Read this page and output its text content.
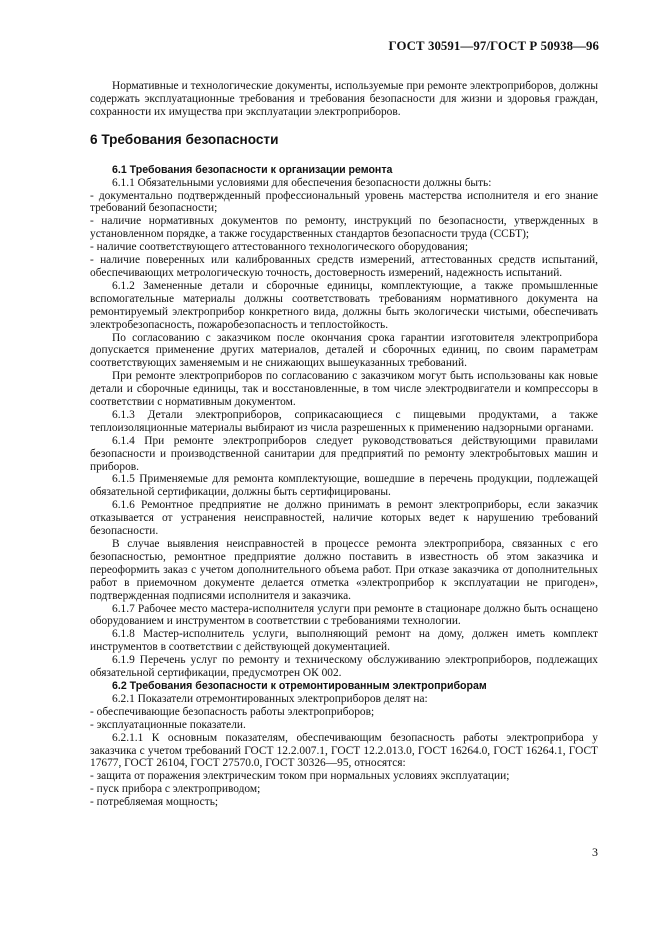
ГОСТ 30591—97/ГОСТ Р 50938—96

Нормативные и технологические документы, используемые при ремонте электроприборов, должны содержать эксплуатационные требования и требования безопасности для жизни и здоровья граждан, сохранности их имущества при эксплуатации электроприборов.

6 Требования безопасности

6.1 Требования безопасности к организации ремонта

6.1.1 Обязательными условиями для обеспечения безопасности должны быть:

- документально подтвержденный профессиональный уровень мастерства исполнителя и его знание требований безопасности;

- наличие нормативных документов по ремонту, инструкций по безопасности, утвержденных в установленном порядке, а также государственных стандартов безопасности труда (ССБТ);

- наличие соответствующего аттестованного технологического оборудования;

- наличие поверенных или калиброванных средств измерений, аттестованных средств испытаний, обеспечивающих метрологическую точность, достоверность измерений, надежность испытаний.

6.1.2 Замененные детали и сборочные единицы, комплектующие, а также промышленные вспомогательные материалы должны соответствовать требованиям нормативного документа на ремонтируемый электроприбор конкретного вида, должны быть экологически чистыми, обеспечивать электробезопасность, пожаробезопасность и теплостойкость.

По согласованию с заказчиком после окончания срока гарантии изготовителя электроприбора допускается применение других материалов, деталей и сборочных единиц, по своим параметрам соответствующих заменяемым и не снижающих вышеуказанных требований.

При ремонте электроприборов по согласованию с заказчиком могут быть использованы как новые детали и сборочные единицы, так и восстановленные, в том числе электродвигатели и компрессоры в соответствии с нормативным документом.

6.1.3 Детали электроприборов, соприкасающиеся с пищевыми продуктами, а также теплоизоляционные материалы выбирают из числа разрешенных к применению надзорными органами.

6.1.4 При ремонте электроприборов следует руководствоваться действующими правилами безопасности и производственной санитарии для предприятий по ремонту электробытовых машин и приборов.

6.1.5 Применяемые для ремонта комплектующие, вошедшие в перечень продукции, подлежащей обязательной сертификации, должны быть сертифицированы.

6.1.6 Ремонтное предприятие не должно принимать в ремонт электроприборы, если заказчик отказывается от устранения неисправностей, наличие которых ведет к нарушению требований безопасности.

В случае выявления неисправностей в процессе ремонта электроприбора, связанных с его безопасностью, ремонтное предприятие должно поставить в известность об этом заказчика и переоформить заказ с учетом дополнительного объема работ. При отказе заказчика от дополнительных работ в приемочном документе делается отметка «электроприбор к эксплуатации не пригоден», подтвержденная подписями исполнителя и заказчика.

6.1.7 Рабочее место мастера-исполнителя услуги при ремонте в стационаре должно быть оснащено оборудованием и инструментом в соответствии с требованиями технологии.

6.1.8 Мастер-исполнитель услуги, выполняющий ремонт на дому, должен иметь комплект инструментов в соответствии с действующей документацией.

6.1.9 Перечень услуг по ремонту и техническому обслуживанию электроприборов, подлежащих обязательной сертификации, предусмотрен ОК 002.

6.2 Требования безопасности к отремонтированным электроприборам

6.2.1 Показатели отремонтированных электроприборов делят на:

- обеспечивающие безопасность работы электроприборов;

- эксплуатационные показатели.

6.2.1.1 К основным показателям, обеспечивающим безопасность работы электроприбора у заказчика с учетом требований ГОСТ 12.2.007.1, ГОСТ 12.2.013.0, ГОСТ 16264.0, ГОСТ 16264.1, ГОСТ 17677, ГОСТ 26104, ГОСТ 27570.0, ГОСТ 30326—95, относятся:

- защита от поражения электрическим током при нормальных условиях эксплуатации;

- пуск прибора с электроприводом;

- потребляемая мощность;

3
